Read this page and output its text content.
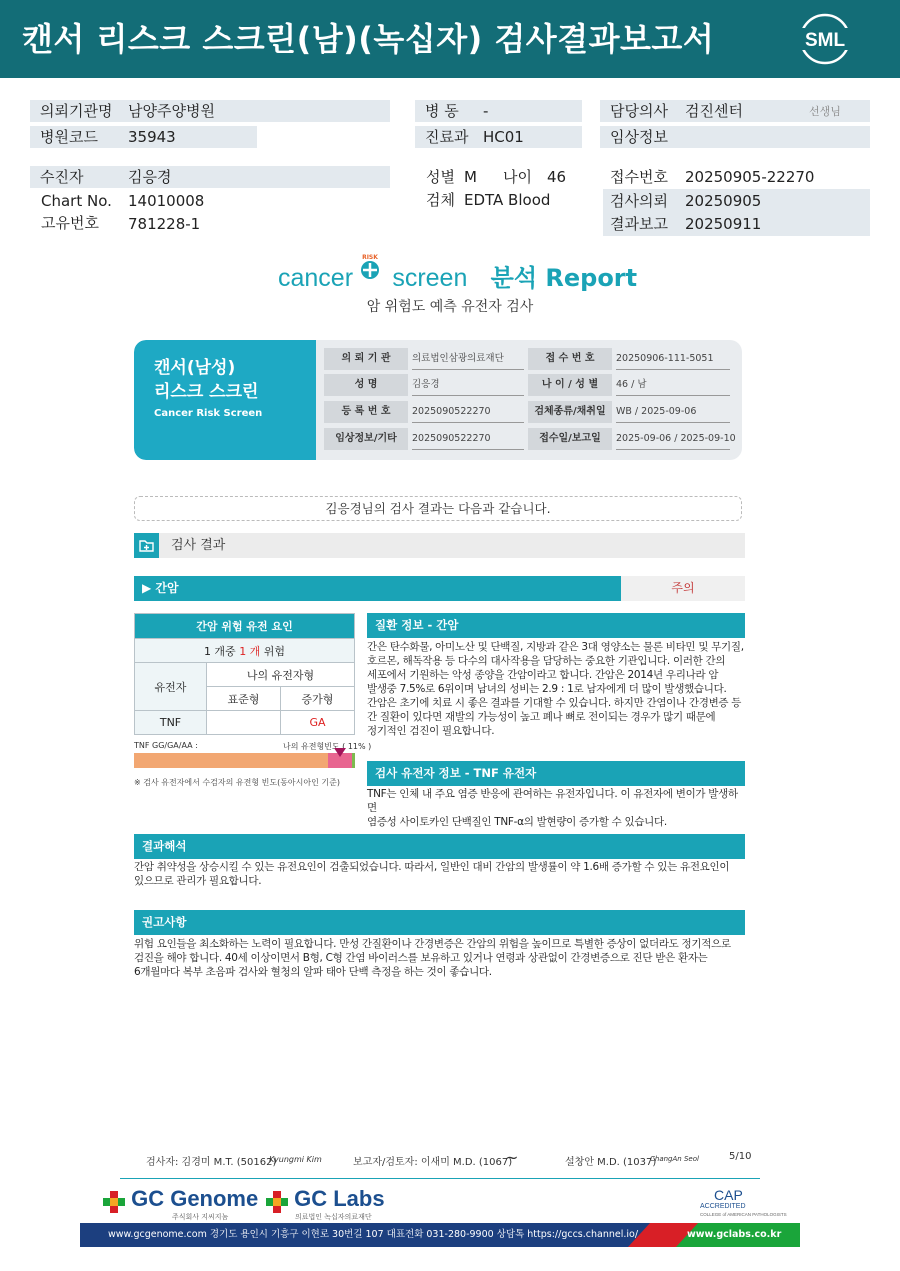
캔서 리스크 스크린(남)(녹십자) 검사결과보고서	SML
의뢰기관명	남양주양병원
병원코드	35943
병 동	-
진료과 HC01
담당의사	검진센터	선생님
임상정보
수진자	김응경
Chart No. 14010008
고유번호 781228-1
성별 M 나이 46
검체 EDTA Blood
접수번호 20250905-22270
검사의뢰 20250905
결과보고 20250911
cancer screen 분석 Report
RISK
암 위험도 예측 유전자 검사
캔서(남성)
리스크 스크린
Cancer Risk Screen
의 뢰 기 관	의료법인삼광의료재단	접 수 번 호	20250906-111-5051
성 명	김응경	나 이 / 성 별	46 / 남
등 록 번 호	2025090522270	검체종류/채취일	WB / 2025-09-06
임상정보/기타	2025090522270	접수일/보고일	2025-09-06 / 2025-09-10
김응경님의 검사 결과는 다음과 같습니다.
검사 결과
▶ 간암	주의
간암 위험 유전 요인		
1 개중 1 개 위험		
유전자	나의 유전자형	
	표준형	증가형
TNF		GA
TNF GG/GA/AA :	나의 유전형빈도 ( 11% )
※ 검사 유전자에서 수검자의 유전형 빈도(동아시아인 기준)
질환 정보 - 간암
간은 탄수화물, 아미노산 및 단백질, 지방과 같은 3대 영양소는 물론 비타민 및 무기질,
호르몬, 해독작용 등 다수의 대사작용을 담당하는 중요한 기관입니다. 이러한 간의
세포에서 기원하는 악성 종양을 간암이라고 합니다. 간암은 2014년 우리나라 암
발생중 7.5%로 6위이며 남녀의 성비는 2.9 : 1로 남자에게 더 많이 발생했습니다.
간암은 초기에 치료 시 좋은 결과를 기대할 수 있습니다. 하지만 간염이나 간경변증 등
간 질환이 있다면 재발의 가능성이 높고 폐나 뼈로 전이되는 경우가 많기 때문에
정기적인 검진이 필요합니다.
검사 유전자 정보 - TNF 유전자
TNF는 인체 내 주요 염증 반응에 관여하는 유전자입니다. 이 유전자에 변이가 발생하면
염증성 사이토카인 단백질인 TNF-α의 발현량이 증가할 수 있습니다.
결과해석
간암 취약성을 상승시킬 수 있는 유전요인이 검출되었습니다. 따라서, 일반인 대비 간암의 발생률이 약 1.6배 증가할 수 있는 유전요인이
있으므로 관리가 필요합니다.
권고사항
위험 요인들을 최소화하는 노력이 필요합니다. 만성 간질환이나 간경변증은 간암의 위험을 높이므로 특별한 증상이 없더라도 정기적으로
검진을 해야 합니다. 40세 이상이면서 B형, C형 간염 바이러스를 보유하고 있거나 연령과 상관없이 간경변증으로 진단 받은 환자는
6개월마다 복부 초음파 검사와 혈청의 알파 태아 단백 측정을 하는 것이 좋습니다.
검사자: 김경미 M.T. (50162)
Kyungmi Kim	보고자/검토자: 이새미 M.D. (1067)
~	설창안 M.D. (1037)
ChangAn Seol	5/10
GC Genome
주식회사 지씨지놈
GC Labs
의료법인 녹십자의료재단
CAP
ACCREDITED
COLLEGE of AMERICAN PATHOLOGISTS
www.gcgenome.com 경기도 용인시 기흥구 이현로 30번길 107 대표전화 031-280-9900 상담톡 https://gccs.channel.io/	www.gclabs.co.kr
